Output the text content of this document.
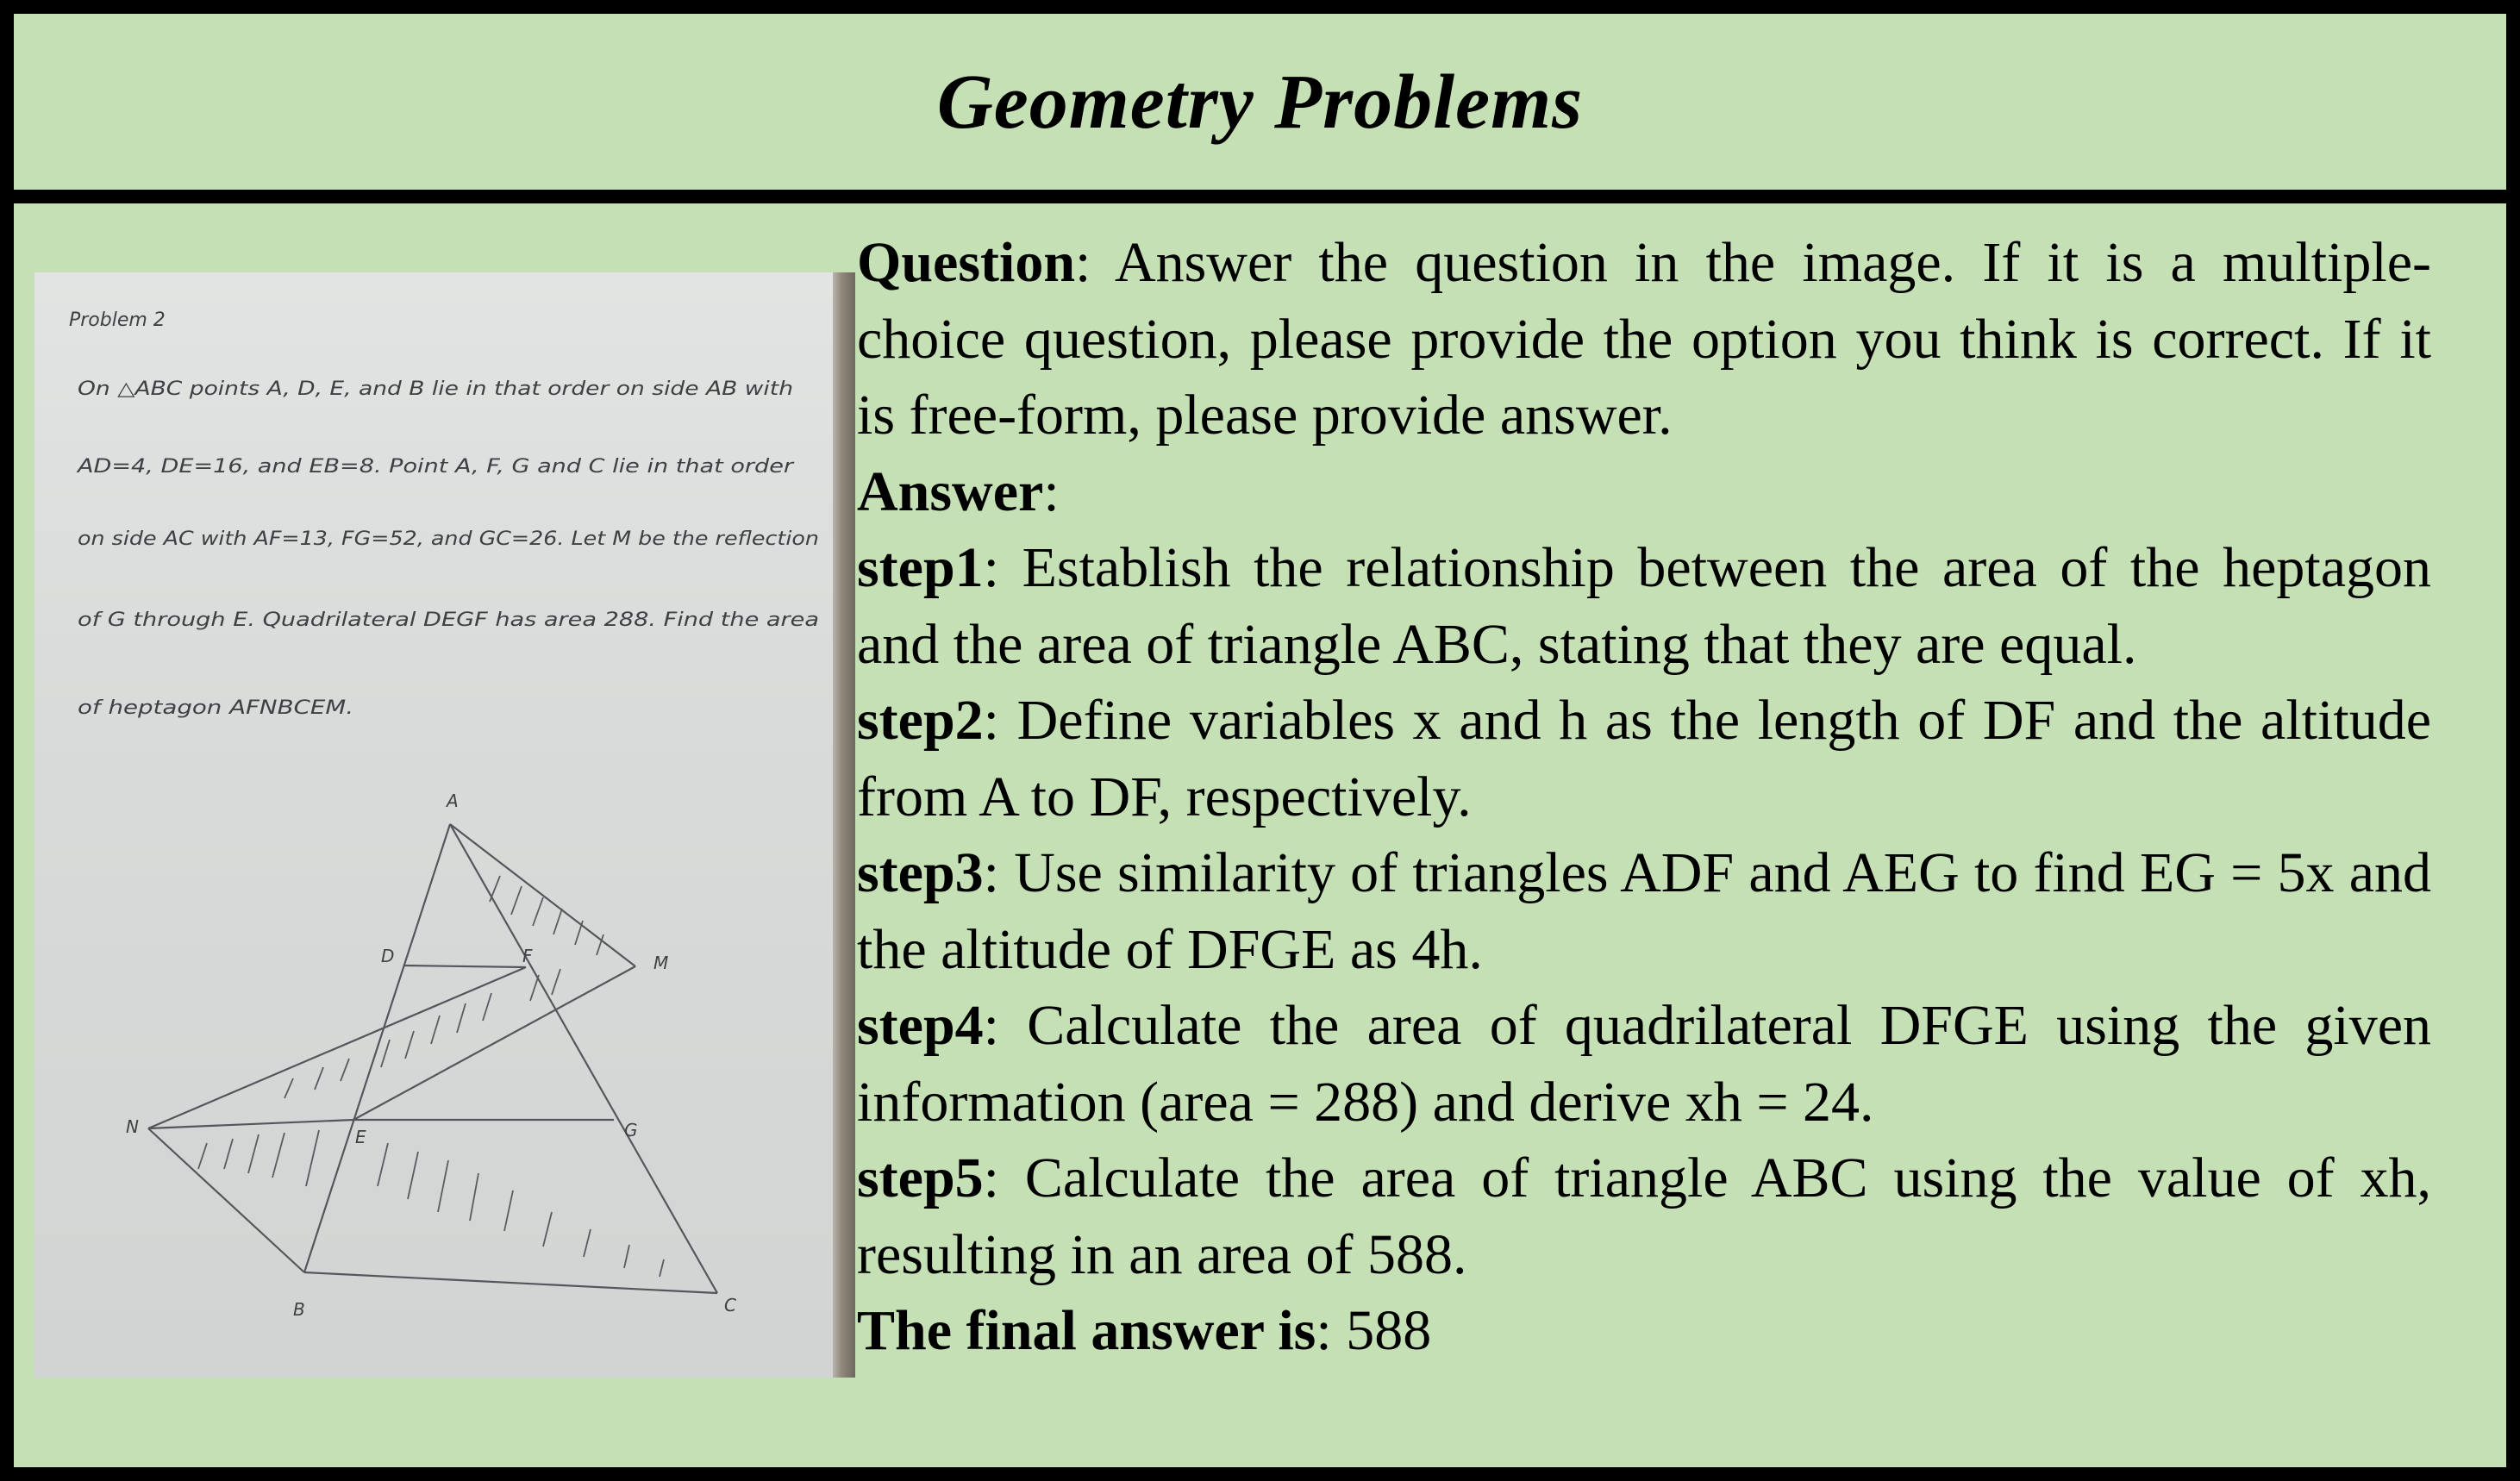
Geometry Problems
Problem 2
On △ABC points A, D, E, and B lie in that order on side AB with
AD=4, DE=16, and EB=8. Point A, F, G and C lie in that order
on side AC with AF=13, FG=52, and GC=26. Let M be the reflection
of G through E. Quadrilateral DEGF has area 288. Find the area
of heptagon AFNBCEM.
A
D	F	M
N	E	G
B	C

Question: Answer the question in the image. If it is a multiple-choice question, please provide the option you think is correct. If it is free-form, please provide answer.

Answer:

step1: Establish the relationship between the area of the heptagon and the area of triangle ABC, stating that they are equal.

step2: Define variables x and h as the length of DF and the altitude from A to DF, respectively.

step3: Use similarity of triangles ADF and AEG to find EG = 5x and the altitude of DFGE as 4h.

step4: Calculate the area of quadrilateral DFGE using the given information (area = 288) and derive xh = 24.

step5: Calculate the area of triangle ABC using the value of xh, resulting in an area of 588.

The final answer is: 588
